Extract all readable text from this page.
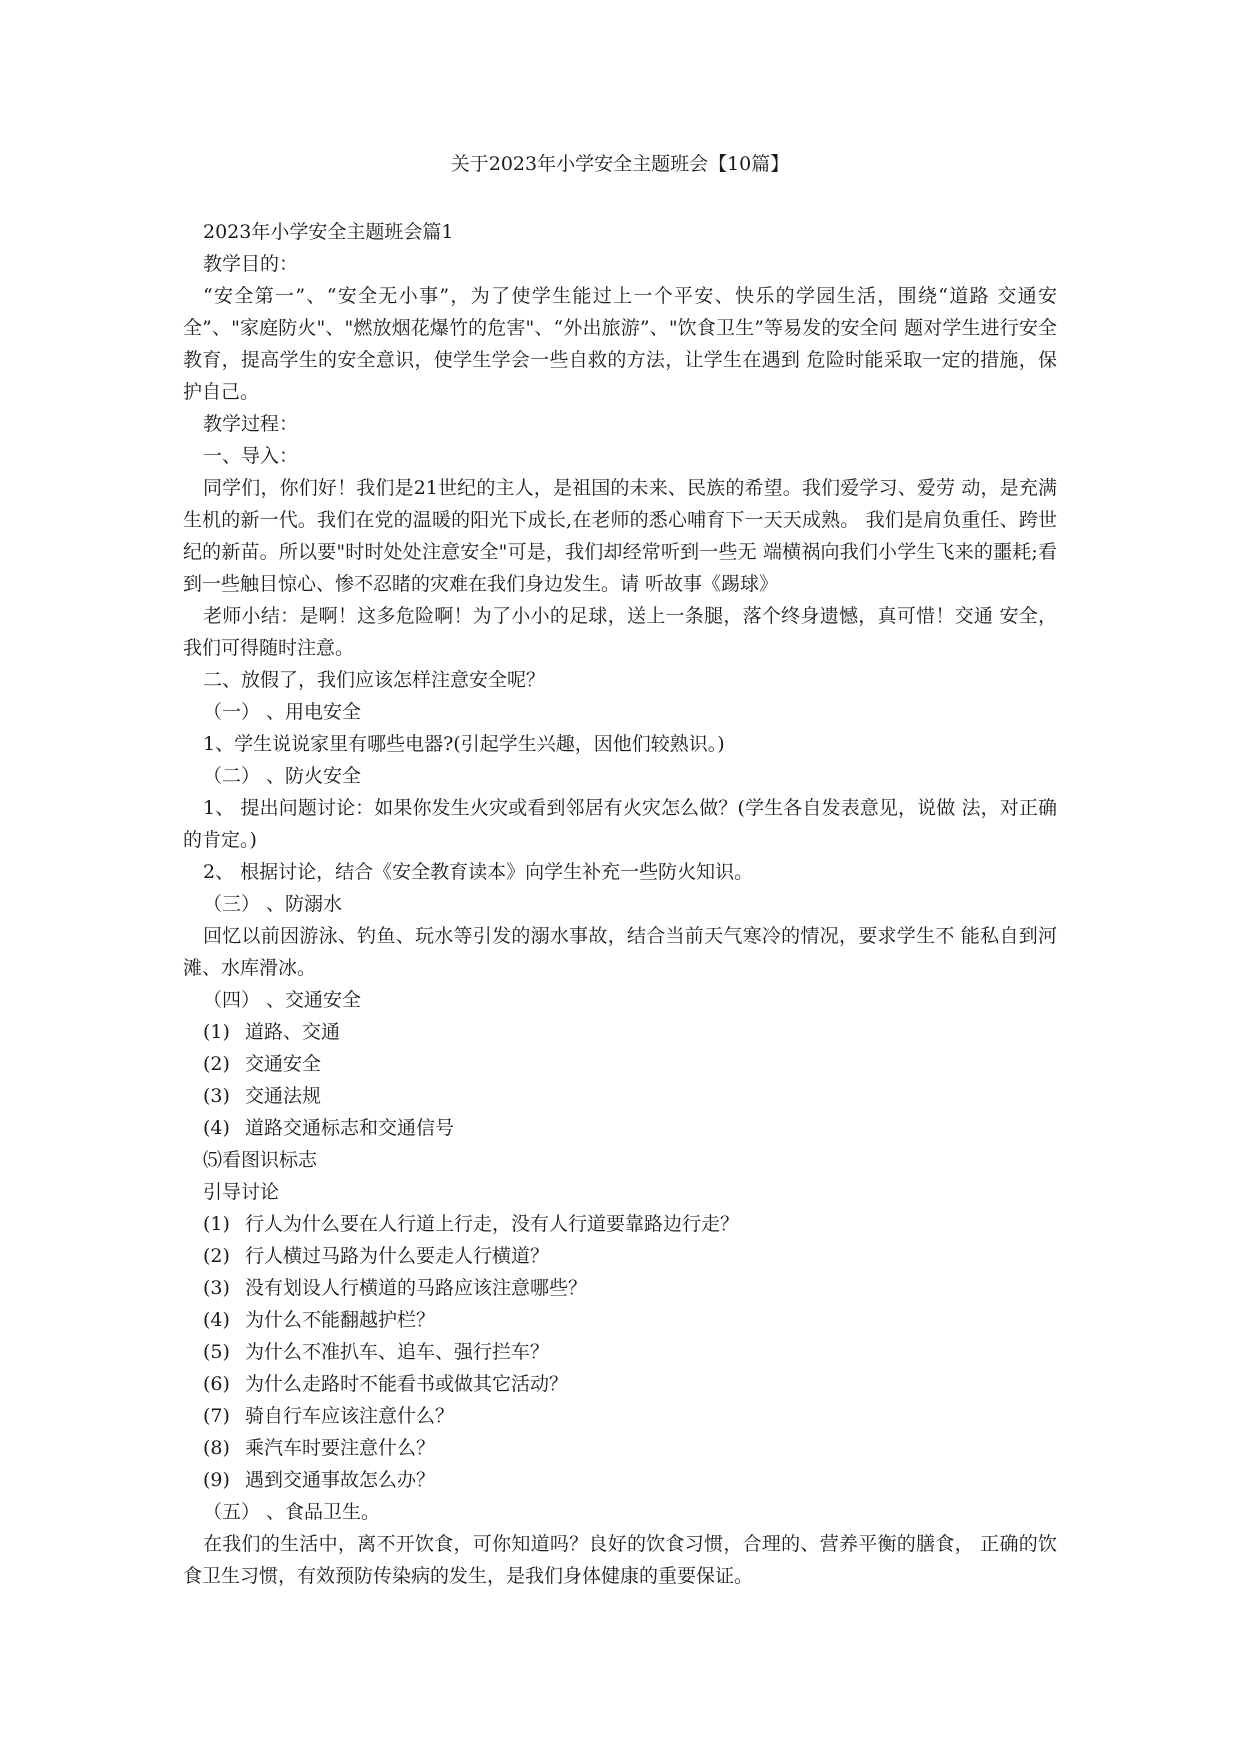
关于2023年小学安全主题班会【10篇】

2023年小学安全主题班会篇1

教学目的：

“安全第一”、“安全无小事”，为了使学生能过上一个平安、快乐的学园生活，围绕“道路 交通安全”、"家庭防火"、"燃放烟花爆竹的危害"、“外出旅游”、"饮食卫生”等易发的安全问 题对学生进行安全教育，提高学生的安全意识，使学生学会一些自救的方法，让学生在遇到 危险时能采取一定的措施，保护自己。

教学过程：

一、导入：

同学们，你们好！我们是21世纪的主人，是祖国的未来、民族的希望。我们爱学习、爱劳 动，是充满生机的新一代。我们在党的温暖的阳光下成长,在老师的悉心哺育下一天天成熟。 我们是肩负重任、跨世纪的新苗。所以要"时时处处注意安全"可是，我们却经常听到一些无 端横祸向我们小学生飞来的噩耗;看到一些触目惊心、惨不忍睹的灾难在我们身边发生。请 听故事《踢球》

老师小结：是啊！这多危险啊！为了小小的足球，送上一条腿，落个终身遗憾，真可惜！交通 安全，我们可得随时注意。

二、放假了，我们应该怎样注意安全呢？

（一） 、用电安全

1、学生说说家里有哪些电器?(引起学生兴趣，因他们较熟识。)

（二） 、防火安全

1、 提出问题讨论：如果你发生火灾或看到邻居有火灾怎么做？(学生各自发表意见，说做 法，对正确的肯定。)

2、 根据讨论，结合《安全教育读本》向学生补充一些防火知识。

（三） 、防溺水

回忆以前因游泳、钓鱼、玩水等引发的溺水事故，结合当前天气寒冷的情况，要求学生不 能私自到河滩、水库滑冰。

（四） 、交通安全

(1) 道路、交通

(2) 交通安全

(3) 交通法规

(4) 道路交通标志和交通信号

⑸看图识标志

引导讨论

(1) 行人为什么要在人行道上行走，没有人行道要靠路边行走？

(2) 行人横过马路为什么要走人行横道？

(3) 没有划设人行横道的马路应该注意哪些？

(4) 为什么不能翻越护栏？

(5) 为什么不准扒车、追车、强行拦车？

(6) 为什么走路时不能看书或做其它活动？

(7) 骑自行车应该注意什么？

(8) 乘汽车时要注意什么？

(9) 遇到交通事故怎么办？

（五） 、食品卫生。

在我们的生活中，离不开饮食，可你知道吗？良好的饮食习惯，合理的、营养平衡的膳食， 正确的饮食卫生习惯，有效预防传染病的发生，是我们身体健康的重要保证。
